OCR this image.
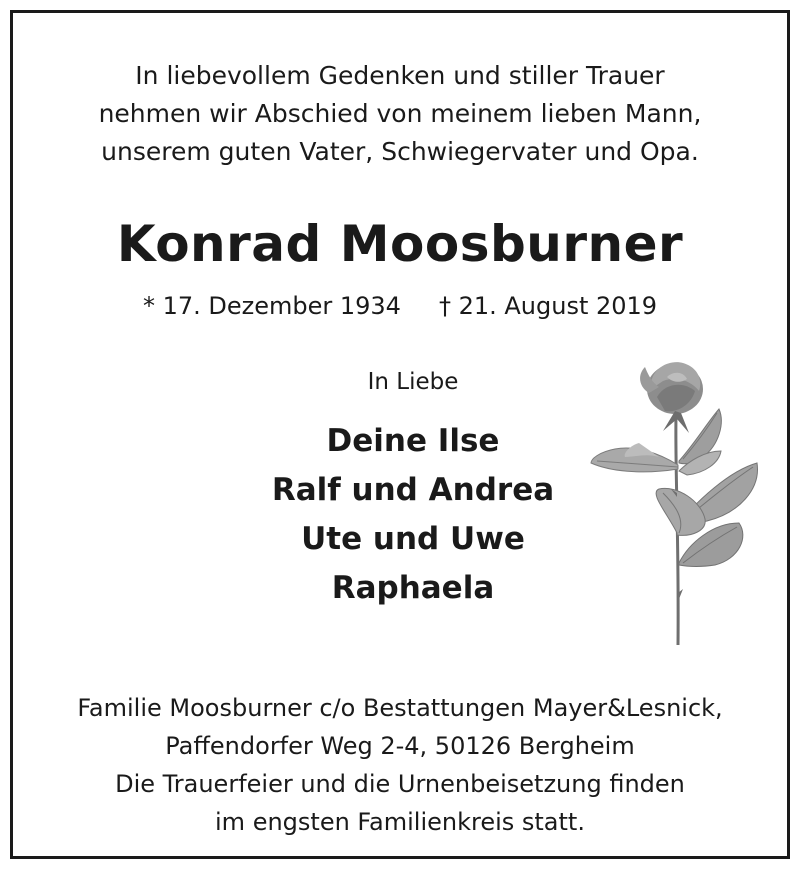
In liebevollem Gedenken und stiller Trauer
nehmen wir Abschied von meinem lieben Mann,
unserem guten Vater, Schwiegervater und Opa.
Konrad Moosburner
* 17. Dezember 1934 † 21. August 2019
In Liebe
Deine Ilse
Ralf und Andrea
Ute und Uwe
Raphaela
Familie Moosburner c/o Bestattungen Mayer&Lesnick,
Paffendorfer Weg 2-4, 50126 Bergheim
Die Trauerfeier und die Urnenbeisetzung finden
im engsten Familienkreis statt.
